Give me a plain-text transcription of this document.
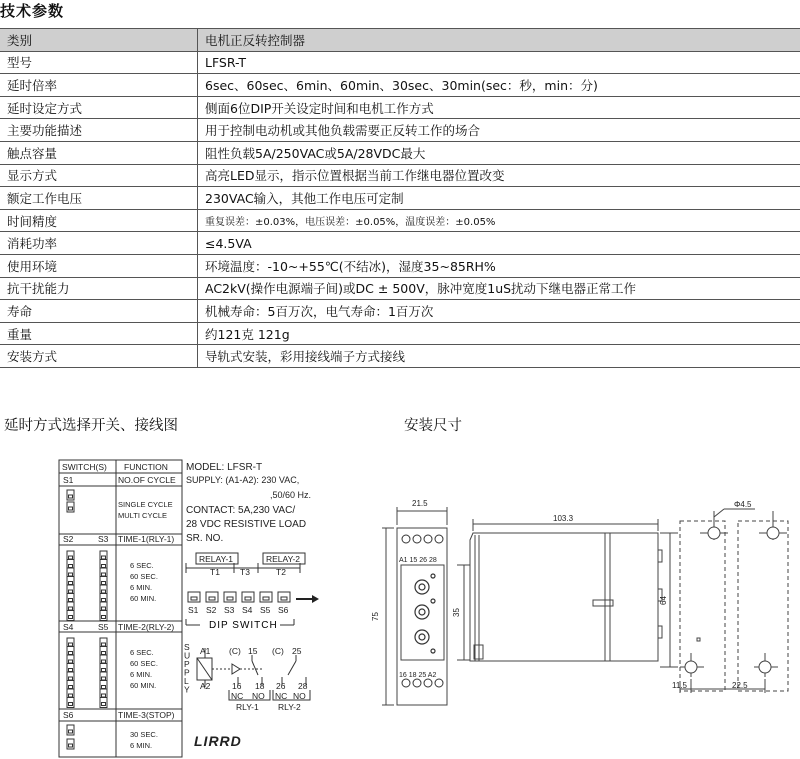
技术参数
类别	电机正反转控制器
型号	LFSR-T
延时倍率	6sec、60sec、6min、60min、30sec、30min(sec：秒，min：分)
延时设定方式	侧面6位DIP开关设定时间和电机工作方式
主要功能描述	用于控制电动机或其他负载需要正反转工作的场合
触点容量	阻性负载5A/250VAC或5A/28VDC最大
显示方式	高亮LED显示，指示位置根据当前工作继电器位置改变
额定工作电压	230VAC输入，其他工作电压可定制
时间精度	重复误差：±0.03%，电压误差：±0.05%，温度误差：±0.05%
消耗功率	≤4.5VA
使用环境	环境温度：-10~+55℃(不结冰)，湿度35~85RH%
抗干扰能力	AC2kV(操作电源端子间)或DC ± 500V，脉冲宽度1uS扰动下继电器正常工作
寿命	机械寿命：5百万次，电气寿命：1百万次
重量	约121克 121g
安装方式	导轨式安装，彩用接线端子方式接线
延时方式选择开关、接线图	安装尺寸
SWITCH(S) FUNCTION
S1	NO.OF CYCLE
SINGLE CYCLE
MULTI CYCLE
S2	S3 TIME-1(RLY-1)
6 SEC.
60 SEC.
6 MIN.
60 MIN.
S4	S5 TIME-2(RLY-2)
6 SEC.
60 SEC.
6 MIN.
60 MIN.
S6	TIME-3(STOP)
30 SEC.
6 MIN.
MODEL: LFSR-T
SUPPLY: (A1-A2): 230 VAC,
,50/60 Hz.
CONTACT: 5A,230 VAC/
28 VDC RESISTIVE LOAD
SR. NO.
RELAY-1	RELAY-2
T1 T3	T2
S1 S2 S3 S4 S5 S6
DIP SWITCH
S
U
P
P
L
Y
A1
A2
(C) 15 (C) 25
16 18 26 28
NC NO NC NO
RLY-1 RLY-2
LIRRD
21.5
103.3
Φ4.5
35
75
64
11.5	22.5
A1 15 26 28
16 18 25 A2
